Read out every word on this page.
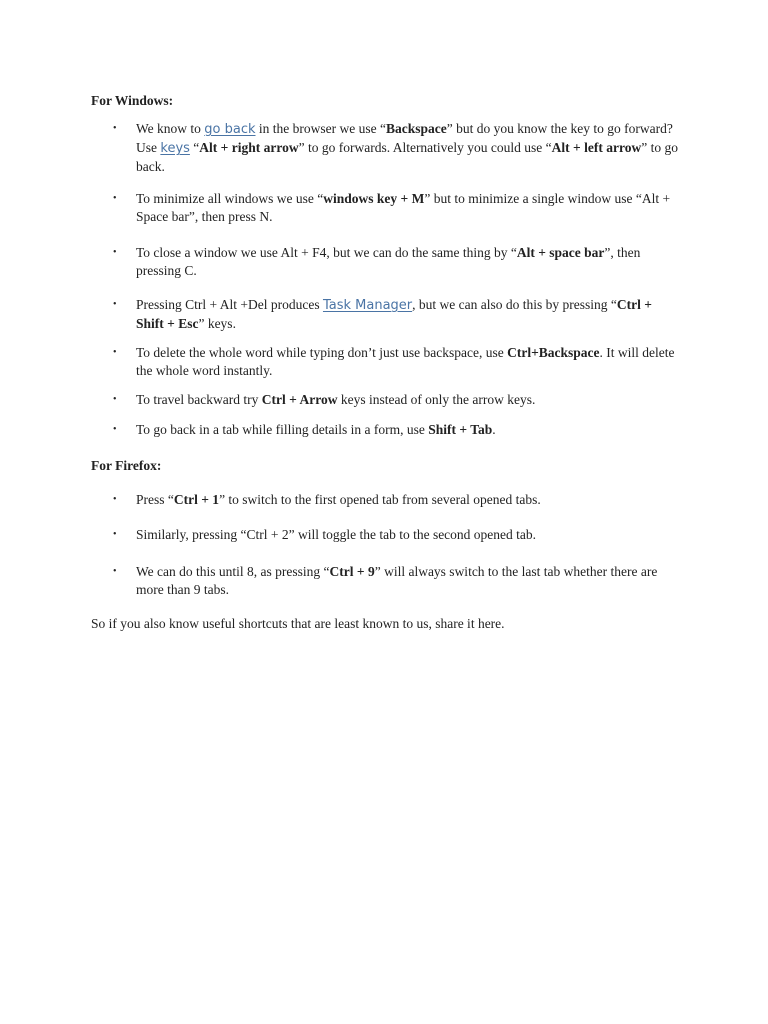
For Windows:
• We know to go back in the browser we use “Backspace” but do you know the key to go forward? Use keys “Alt + right arrow” to go forwards. Alternatively you could use “Alt + left arrow” to go back.
• To minimize all windows we use “windows key + M” but to minimize a single window use “Alt + Space bar”, then press N.
• To close a window we use Alt + F4, but we can do the same thing by “Alt + space bar”, then pressing C.
• Pressing Ctrl + Alt +Del produces Task Manager, but we can also do this by pressing “Ctrl + Shift + Esc” keys.
• To delete the whole word while typing don’t just use backspace, use Ctrl+Backspace. It will delete the whole word instantly.
• To travel backward try Ctrl + Arrow keys instead of only the arrow keys.
• To go back in a tab while filling details in a form, use Shift + Tab.
For Firefox:
• Press “Ctrl + 1” to switch to the first opened tab from several opened tabs.
• Similarly, pressing “Ctrl + 2” will toggle the tab to the second opened tab.
• We can do this until 8, as pressing “Ctrl + 9” will always switch to the last tab whether there are more than 9 tabs.
So if you also know useful shortcuts that are least known to us, share it here.
